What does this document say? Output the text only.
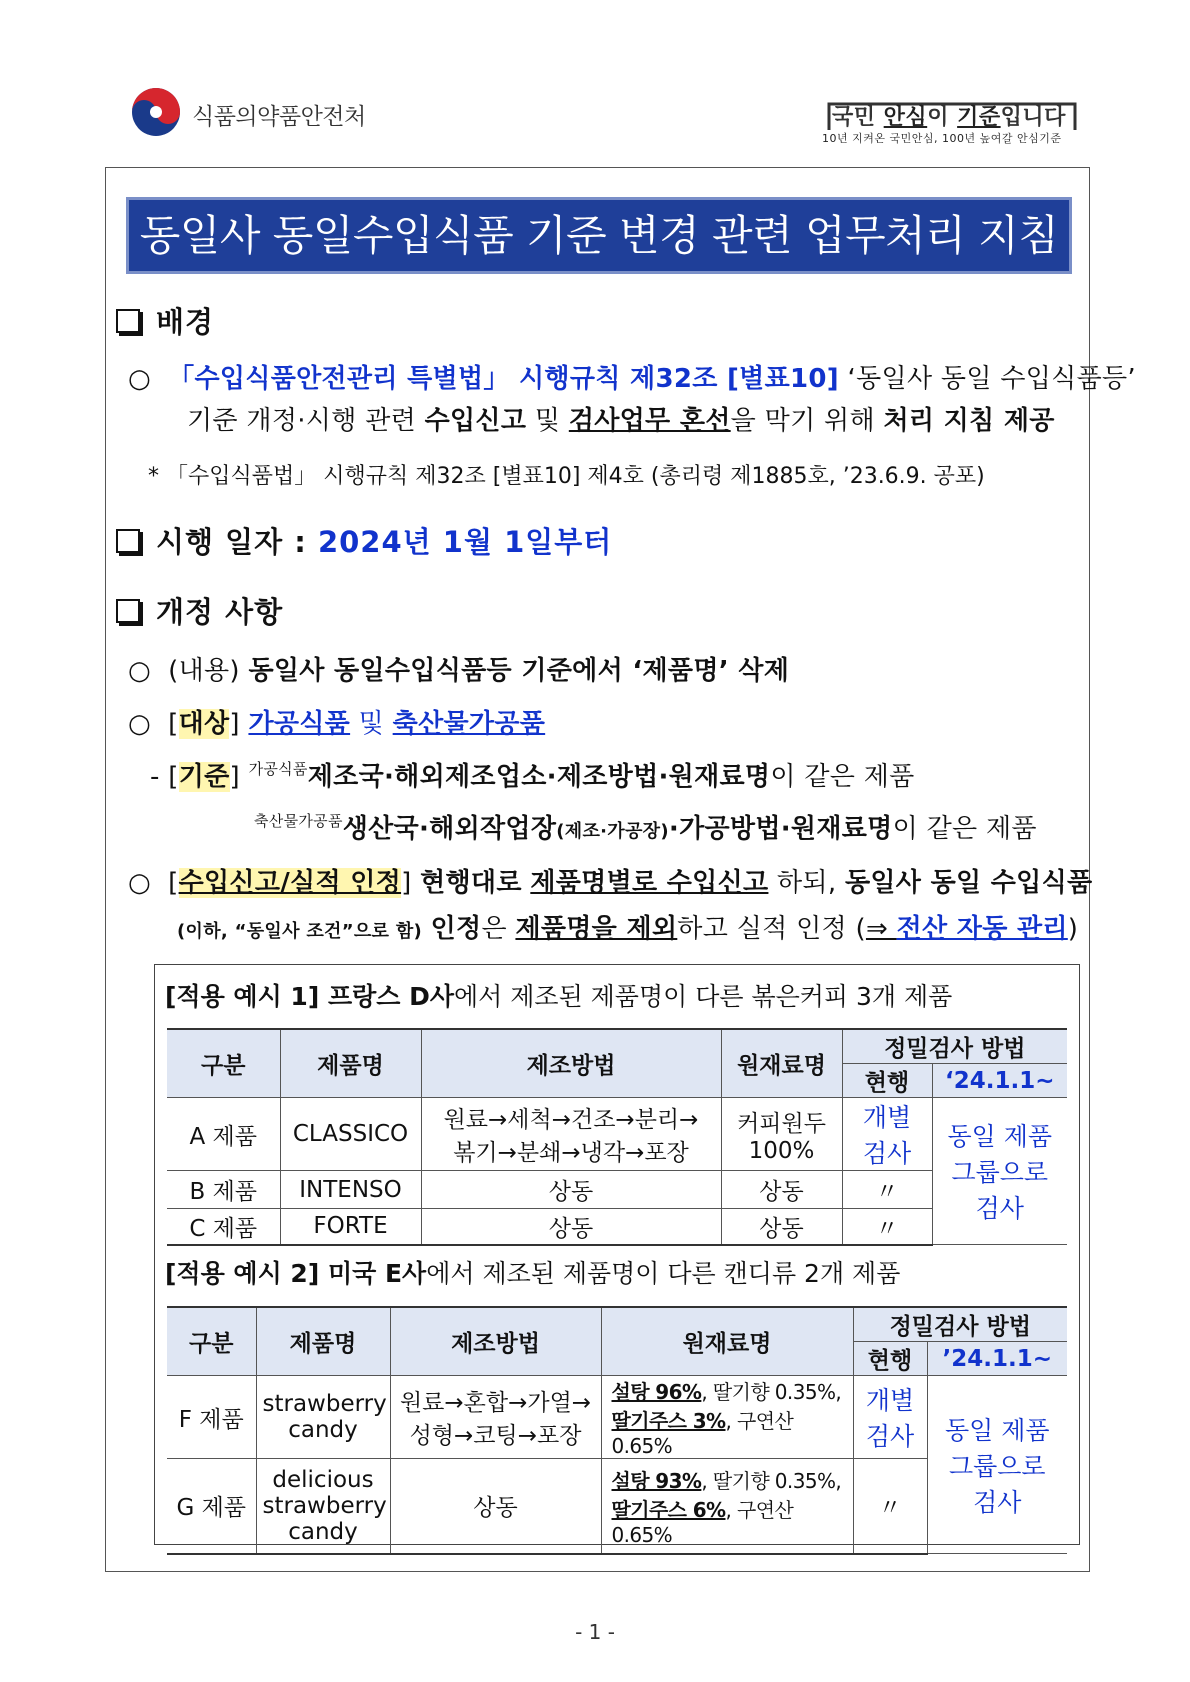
식품의약품안전처	국민 안심이 기준입니다
10년 지켜온 국민안심, 100년 높여갈 안심기준
동일사 동일수입식품 기준 변경 관련 업무처리 지침 안내
배경
○ 「수입식품안전관리 특별법」 시행규칙 제32조 [별표10] ‘동일사 동일 수입식품등’
기준 개정·시행 관련 수입신고 및 검사업무 혼선을 막기 위해 처리 지침 제공
* 「수입식품법」 시행규칙 제32조 [별표10] 제4호 (총리령 제1885호, ’23.6.9. 공포)
시행 일자 : 2024년 1월 1일부터
개정 사항
○ (내용) 동일사 동일수입식품등 기준에서 ‘제품명’ 삭제
○  [대상] 가공식품 및 축산물가공품
- [기준] $^{가공식품}$제조국·해외제조업소·제조방법·원재료명이 같은 제품
$^{축산물가공품}$생산국·해외작업장(제조·가공장)·가공방법·원재료명이 같은 제품
○  [수입신고/실적 인정] 현행대로 제품명별로 수입신고 하되, 동일사 동일 수입식품
(이하, “동일사 조건”으로 함) 인정은 제품명을 제외하고 실적 인정 (⇒ 전산 자동 관리)
[적용 예시 1] 프랑스 D사에서 제조된 제품명이 다른 볶은커피 3개 제품
구분	제품명	제조방법	원재료명	정밀검사 방법	
				현행	‘24.1.1~
A 제품	CLASSICO	원료→세척→건조→분리→ 볶기→분쇄→냉각→포장	커피원두 100%	개별 검사	동일 제품 그룹으로 검사
B 제품	INTENSO	상동	상동	〃	
C 제품	FORTE	상동	상동	〃	
[적용 예시 2] 미국 E사에서 제조된 제품명이 다른 캔디류 2개 제품
구분	제품명	제조방법	원재료명	정밀검사 방법	
				현행	’24.1.1~
F 제품	strawberry candy	원료→혼합→가열→ 성형→코팅→포장	설탕 96%, 딸기향 0.35%,
딸기주스 3%, 구연산 0.65%	개별 검사	동일 제품 그룹으로 검사
G 제품	delicious strawberry candy	상동	설탕 93%, 딸기향 0.35%,
딸기주스 6%, 구연산 0.65%	〃	
- 1 -
